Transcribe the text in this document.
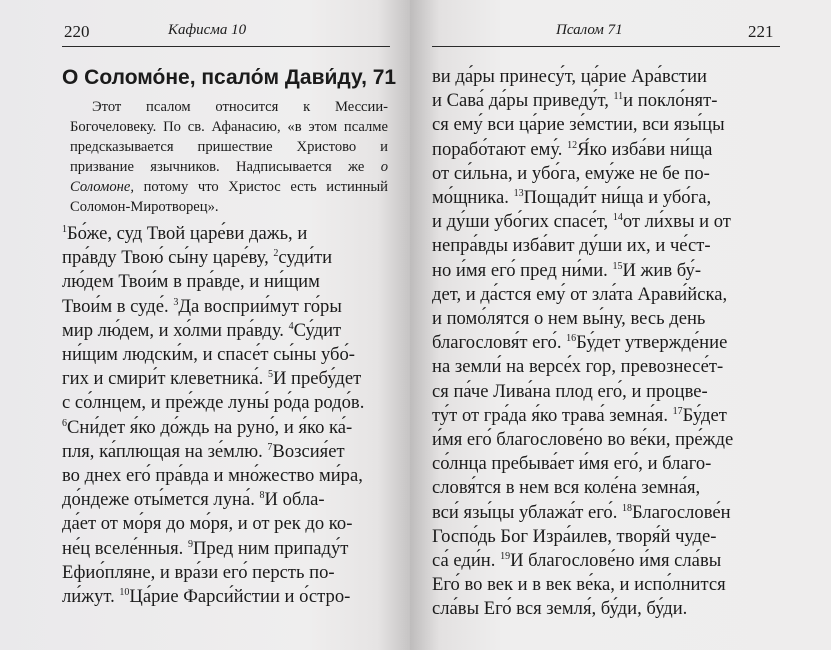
220	Кафисма 10
О Соломо́не, псало́м Дави́ду, 71

Этот псалом относится к Мессии-Богочеловеку. По св. Афанасию, «в этом псалме предсказывается пришествие Христово и призвание язычников. Надписывается же о Соломоне, потому что Христос есть истинный Соломон-Миротворец».

$^1$Бо́же, суд Твой царе́ви дажь, и
пра́вду Твою́ сы́ну царе́ву, $^2$суди́ти
лю́дем Твои́м в пра́вде, и ни́щим
Твои́м в суде́. $^3$Да восприи́мут го́ры
мир лю́дем, и хо́лми пра́вду. $^4$Су́дит
ни́щим людски́м, и спасе́т сы́ны убо́-
гих и смири́т клеветника́. $^5$И пребу́дет
с со́лнцем, и пре́жде луны́ ро́да родо́в.
$^6$Сни́дет я́ко до́ждь на руно́, и я́ко ка́-
пля, ка́плющая на зе́млю. $^7$Возсия́ет
во днех его́ пра́вда и мно́жество ми́ра,
до́ндеже оты́мется луна́. $^8$И обла-
да́ет от мо́ря до мо́ря, и от рек до ко-
не́ц вселе́нныя. $^9$Пред ним припаду́т
Ефио́пляне, и вра́зи его́ персть по-
ли́жут. $^{10}$Ца́рие Фарси́йстии и о́стро-
Псалом 71	221
ви да́ры принесу́т, ца́рие Ара́встии
и Сава́ да́ры приведу́т, $^{11}$и покло́нят-
ся ему́ вси ца́рие зе́мстии, вси язы́цы
порабо́тают ему́. $^{12}$Я́ко изба́ви ни́ща
от си́льна, и убо́га, ему́же не бе по-
мо́щника. $^{13}$Пощади́т ни́ща и убо́га,
и ду́ши убо́гих спасе́т, $^{14}$от ли́хвы и от
непра́вды изба́вит ду́ши их, и че́ст-
но и́мя его́ пред ни́ми. $^{15}$И жив бу́-
дет, и да́стся ему́ от зла́та Арави́йска,
и помо́лятся о нем вы́ну, весь день
благословя́т его́. $^{16}$Бу́дет утвержде́ние
на земли́ на версе́х гор, превознесе́т-
ся па́че Лива́на плод его́, и процве-
ту́т от гра́да я́ко трава́ земна́я. $^{17}$Бу́дет
и́мя его́ благослове́но во ве́ки, пре́жде
со́лнца пребыва́ет и́мя его́, и благо-
словя́тся в нем вся коле́на земна́я,
вси́ язы́цы ублажа́т его́. $^{18}$Благослове́н
Госпо́дь Бог Изра́илев, творя́й чуде-
са́ еди́н. $^{19}$И благослове́но и́мя сла́вы
Его́ во век и в век ве́ка, и испо́лнится
сла́вы Его́ вся земля́, бу́ди, бу́ди.
